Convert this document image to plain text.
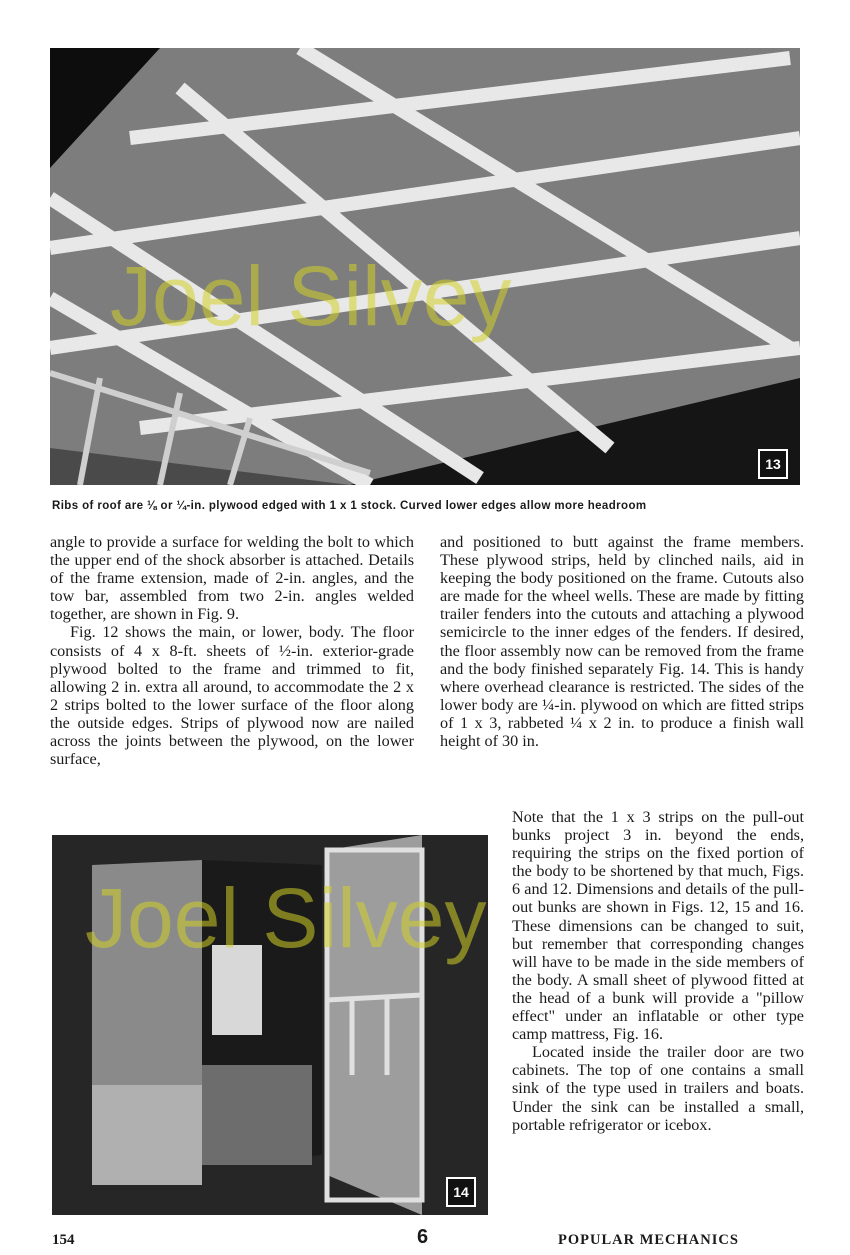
13
Ribs of roof are ⅛ or ¼-in. plywood edged with 1 x 1 stock. Curved lower edges allow more headroom

angle to provide a surface for welding the bolt to which the upper end of the shock absorber is attached. Details of the frame extension, made of 2-in. angles, and the tow bar, assembled from two 2-in. angles welded together, are shown in Fig. 9.

Fig. 12 shows the main, or lower, body. The floor consists of 4 x 8-ft. sheets of ½-in. exterior-grade plywood bolted to the frame and trimmed to fit, allowing 2 in. extra all around, to accommodate the 2 x 2 strips bolted to the lower surface of the floor along the outside edges. Strips of plywood now are nailed across the joints between the plywood, on the lower surface,

and positioned to butt against the frame members. These plywood strips, held by clinched nails, aid in keeping the body positioned on the frame. Cutouts also are made for the wheel wells. These are made by fitting trailer fenders into the cutouts and attaching a plywood semicircle to the inner edges of the fenders. If desired, the floor assembly now can be removed from the frame and the body finished separately Fig. 14. This is handy where overhead clearance is restricted. The sides of the lower body are ¼-in. plywood on which are fitted strips of 1 x 3, rabbeted ¼ x 2 in. to produce a finish wall height of 30 in.

14

Note that the 1 x 3 strips on the pull-out bunks project 3 in. beyond the ends, requiring the strips on the fixed portion of the body to be shortened by that much, Figs. 6 and 12. Dimensions and details of the pull-out bunks are shown in Figs. 12, 15 and 16. These dimensions can be changed to suit, but remember that corresponding changes will have to be made in the side members of the body. A small sheet of plywood fitted at the head of a bunk will provide a "pillow effect" under an inflatable or other type camp mattress, Fig. 16.

Located inside the trailer door are two cabinets. The top of one contains a small sink of the type used in trailers and boats. Under the sink can be installed a small, portable refrigerator or icebox.

Joel Silvey
Joel Silvey
154	6	POPULAR MECHANICS
